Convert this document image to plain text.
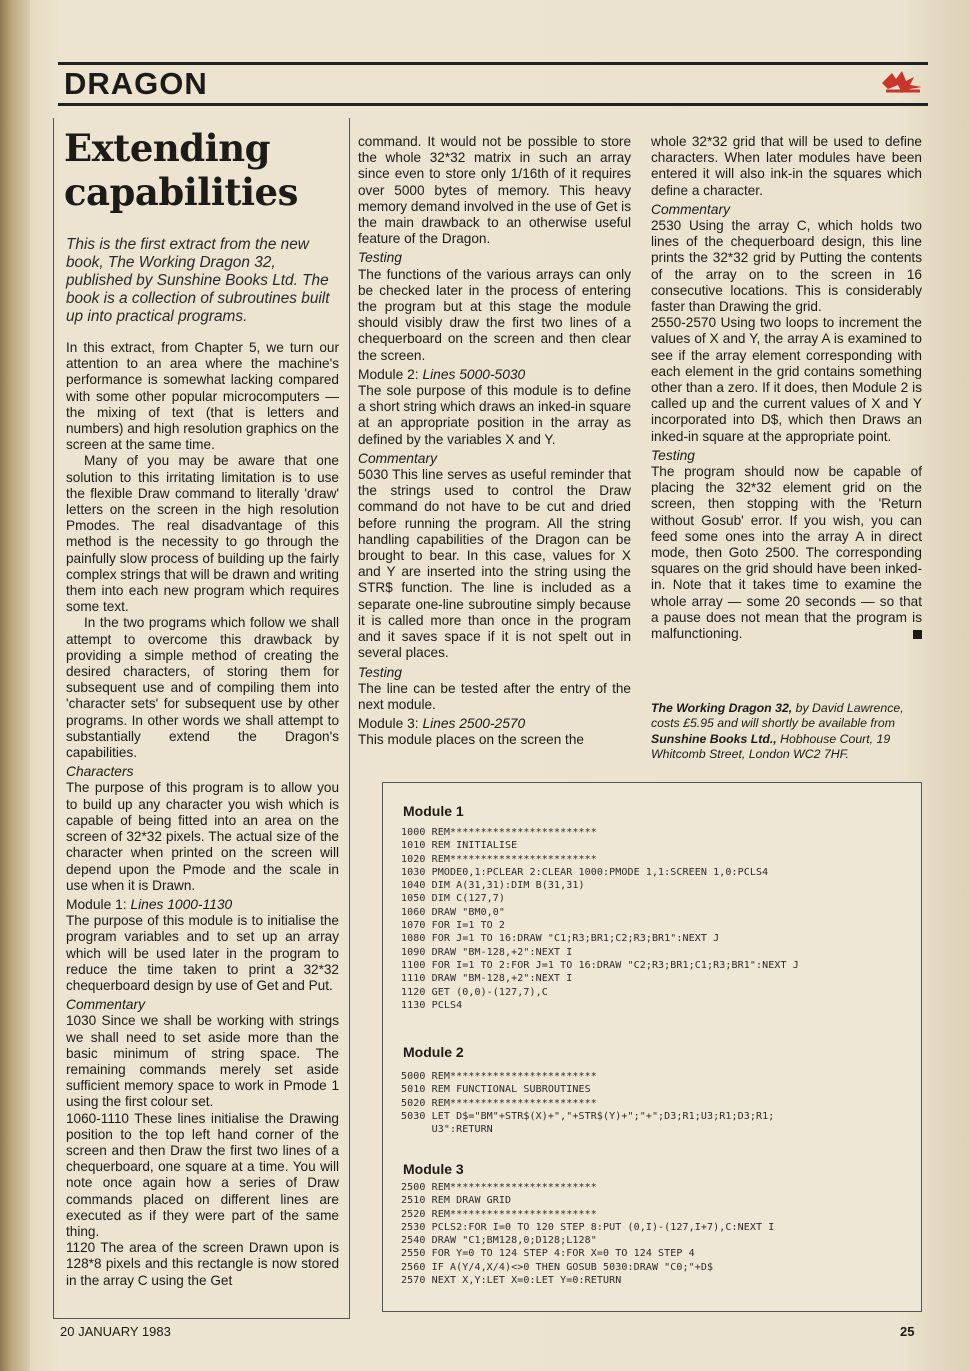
DRAGON
Extending
capabilities
This is the first extract from the new book, The Working Dragon 32, published by Sunshine Books Ltd. The book is a collection of subroutines built up into practical programs.

In this extract, from Chapter 5, we turn our attention to an area where the machine's performance is somewhat lacking compared with some other popular microcomputers — the mixing of text (that is letters and numbers) and high resolution graphics on the screen at the same time.

Many of you may be aware that one solution to this irritating limitation is to use the flexible Draw command to literally 'draw' letters on the screen in the high resolution Pmodes. The real disadvantage of this method is the necessity to go through the painfully slow process of building up the fairly complex strings that will be drawn and writing them into each new program which requires some text.

In the two programs which follow we shall attempt to overcome this drawback by providing a simple method of creating the desired characters, of storing them for subsequent use and of compiling them into 'character sets' for subsequent use by other programs. In other words we shall attempt to substantially extend the Dragon's capabilities.

Characters

The purpose of this program is to allow you to build up any character you wish which is capable of being fitted into an area on the screen of 32*32 pixels. The actual size of the character when printed on the screen will depend upon the Pmode and the scale in use when it is Drawn.

Module 1: Lines 1000-1130

The purpose of this module is to initialise the program variables and to set up an array which will be used later in the program to reduce the time taken to print a 32*32 chequerboard design by use of Get and Put.

Commentary

1030 Since we shall be working with strings we shall need to set aside more than the basic minimum of string space. The remaining commands merely set aside sufficient memory space to work in Pmode 1 using the first colour set.

1060-1110 These lines initialise the Drawing position to the top left hand corner of the screen and then Draw the first two lines of a chequerboard, one square at a time. You will note once again how a series of Draw commands placed on different lines are executed as if they were part of the same thing.

1120 The area of the screen Drawn upon is 128*8 pixels and this rectangle is now stored in the array C using the Get

command. It would not be possible to store the whole 32*32 matrix in such an array since even to store only 1/16th of it requires over 5000 bytes of memory. This heavy memory demand involved in the use of Get is the main drawback to an otherwise useful feature of the Dragon.

Testing

The functions of the various arrays can only be checked later in the process of entering the program but at this stage the module should visibly draw the first two lines of a chequerboard on the screen and then clear the screen.

Module 2: Lines 5000-5030

The sole purpose of this module is to define a short string which draws an inked-in square at an appropriate position in the array as defined by the variables X and Y.

Commentary

5030 This line serves as useful reminder that the strings used to control the Draw command do not have to be cut and dried before running the program. All the string handling capabilities of the Dragon can be brought to bear. In this case, values for X and Y are inserted into the string using the STR$ function. The line is included as a separate one-line subroutine simply because it is called more than once in the program and it saves space if it is not spelt out in several places.

Testing

The line can be tested after the entry of the next module.

Module 3: Lines 2500-2570

This module places on the screen the

whole 32*32 grid that will be used to define characters. When later modules have been entered it will also ink-in the squares which define a character.

Commentary

2530 Using the array C, which holds two lines of the chequerboard design, this line prints the 32*32 grid by Putting the contents of the array on to the screen in 16 consecutive locations. This is considerably faster than Drawing the grid.

2550-2570 Using two loops to increment the values of X and Y, the array A is examined to see if the array element corresponding with each element in the grid contains something other than a zero. If it does, then Module 2 is called up and the current values of X and Y incorporated into D$, which then Draws an inked-in square at the appropriate point.

Testing

The program should now be capable of placing the 32*32 element grid on the screen, then stopping with the 'Return without Gosub' error. If you wish, you can feed some ones into the array A in direct mode, then Goto 2500. The corresponding squares on the grid should have been inked-in. Note that it takes time to examine the whole array — some 20 seconds — so that a pause does not mean that the program is malfunctioning.

The Working Dragon 32, by David Lawrence, costs £5.95 and will shortly be available from Sunshine Books Ltd., Hobhouse Court, 19 Whitcomb Street, London WC2 7HF.
Module 1
1000 REM************************
1010 REM INITIALISE
1020 REM************************
1030 PMODE0,1:PCLEAR 2:CLEAR 1000:PMODE 1,1:SCREEN 1,0:PCLS4
1040 DIM A(31,31):DIM B(31,31)
1050 DIM C(127,7)
1060 DRAW "BM0,0"
1070 FOR I=1 TO 2
1080 FOR J=1 TO 16:DRAW "C1;R3;BR1;C2;R3;BR1":NEXT J
1090 DRAW "BM-128,+2":NEXT I
1100 FOR I=1 TO 2:FOR J=1 TO 16:DRAW "C2;R3;BR1;C1;R3;BR1":NEXT J
1110 DRAW "BM-128,+2":NEXT I
1120 GET (0,0)-(127,7),C
1130 PCLS4
Module 2
5000 REM************************
5010 REM FUNCTIONAL SUBROUTINES
5020 REM************************
5030 LET D$="BM"+STR$(X)+","+STR$(Y)+";"+";D3;R1;U3;R1;D3;R1;
U3":RETURN
Module 3
2500 REM************************
2510 REM DRAW GRID
2520 REM************************
2530 PCLS2:FOR I=0 TO 120 STEP 8:PUT (0,I)-(127,I+7),C:NEXT I
2540 DRAW "C1;BM128,0;D128;L128"
2550 FOR Y=0 TO 124 STEP 4:FOR X=0 TO 124 STEP 4
2560 IF A(Y/4,X/4)<>0 THEN GOSUB 5030:DRAW "C0;"+D$
2570 NEXT X,Y:LET X=0:LET Y=0:RETURN
20 JANUARY 1983	25
